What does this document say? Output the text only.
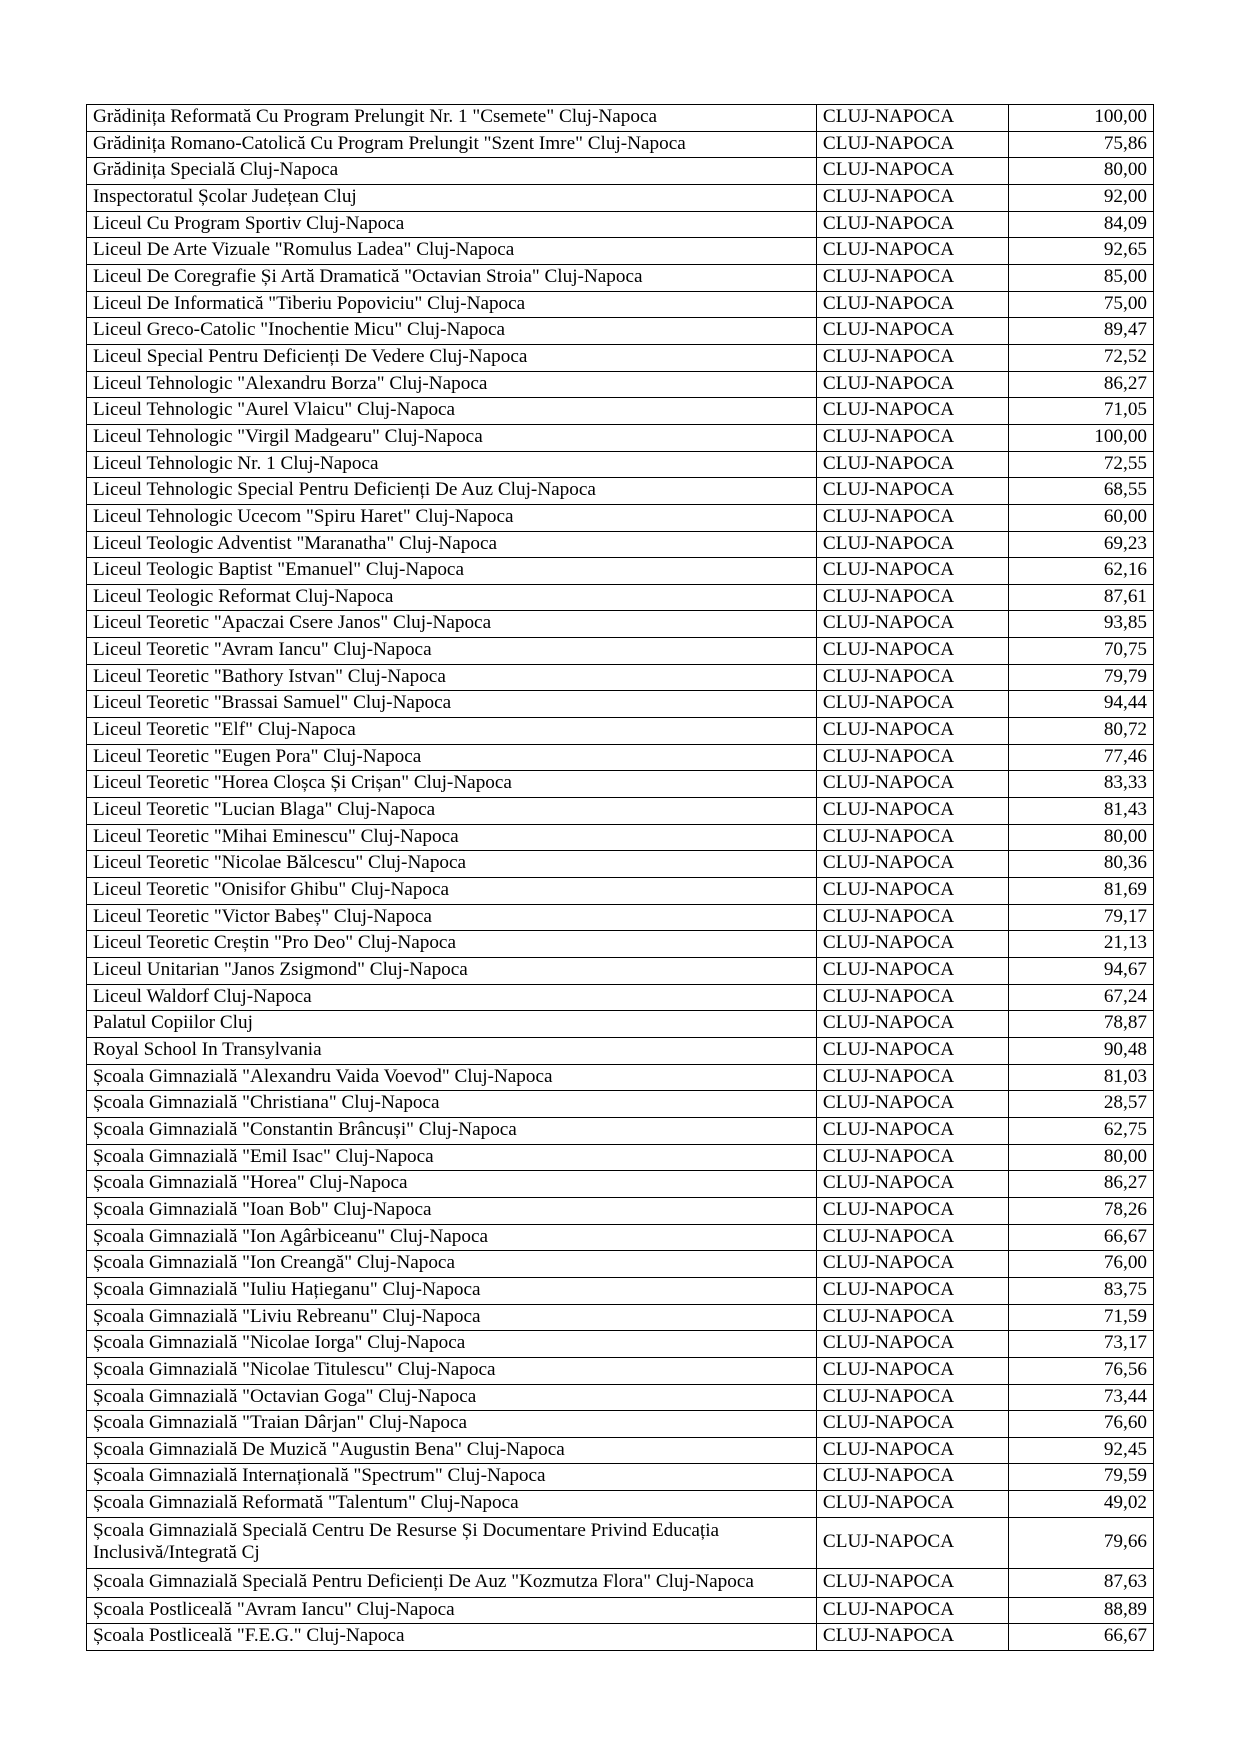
Grădinița Reformată Cu Program Prelungit Nr. 1 "Csemete" Cluj-Napoca	CLUJ-NAPOCA	100,00
Grădinița Romano-Catolică Cu Program Prelungit "Szent Imre" Cluj-Napoca	CLUJ-NAPOCA	75,86
Grădinița Specială Cluj-Napoca	CLUJ-NAPOCA	80,00
Inspectoratul Școlar Județean Cluj	CLUJ-NAPOCA	92,00
Liceul Cu Program Sportiv Cluj-Napoca	CLUJ-NAPOCA	84,09
Liceul De Arte Vizuale "Romulus Ladea" Cluj-Napoca	CLUJ-NAPOCA	92,65
Liceul De Coregrafie Și Artă Dramatică "Octavian Stroia" Cluj-Napoca	CLUJ-NAPOCA	85,00
Liceul De Informatică "Tiberiu Popoviciu" Cluj-Napoca	CLUJ-NAPOCA	75,00
Liceul Greco-Catolic "Inochentie Micu" Cluj-Napoca	CLUJ-NAPOCA	89,47
Liceul Special Pentru Deficienți De Vedere Cluj-Napoca	CLUJ-NAPOCA	72,52
Liceul Tehnologic "Alexandru Borza" Cluj-Napoca	CLUJ-NAPOCA	86,27
Liceul Tehnologic "Aurel Vlaicu" Cluj-Napoca	CLUJ-NAPOCA	71,05
Liceul Tehnologic "Virgil Madgearu" Cluj-Napoca	CLUJ-NAPOCA	100,00
Liceul Tehnologic Nr. 1 Cluj-Napoca	CLUJ-NAPOCA	72,55
Liceul Tehnologic Special Pentru Deficienți De Auz Cluj-Napoca	CLUJ-NAPOCA	68,55
Liceul Tehnologic Ucecom "Spiru Haret" Cluj-Napoca	CLUJ-NAPOCA	60,00
Liceul Teologic Adventist "Maranatha" Cluj-Napoca	CLUJ-NAPOCA	69,23
Liceul Teologic Baptist "Emanuel" Cluj-Napoca	CLUJ-NAPOCA	62,16
Liceul Teologic Reformat Cluj-Napoca	CLUJ-NAPOCA	87,61
Liceul Teoretic "Apaczai Csere Janos" Cluj-Napoca	CLUJ-NAPOCA	93,85
Liceul Teoretic "Avram Iancu" Cluj-Napoca	CLUJ-NAPOCA	70,75
Liceul Teoretic "Bathory Istvan" Cluj-Napoca	CLUJ-NAPOCA	79,79
Liceul Teoretic "Brassai Samuel" Cluj-Napoca	CLUJ-NAPOCA	94,44
Liceul Teoretic "Elf" Cluj-Napoca	CLUJ-NAPOCA	80,72
Liceul Teoretic "Eugen Pora" Cluj-Napoca	CLUJ-NAPOCA	77,46
Liceul Teoretic "Horea Cloșca Și Crișan" Cluj-Napoca	CLUJ-NAPOCA	83,33
Liceul Teoretic "Lucian Blaga" Cluj-Napoca	CLUJ-NAPOCA	81,43
Liceul Teoretic "Mihai Eminescu" Cluj-Napoca	CLUJ-NAPOCA	80,00
Liceul Teoretic "Nicolae Bălcescu" Cluj-Napoca	CLUJ-NAPOCA	80,36
Liceul Teoretic "Onisifor Ghibu" Cluj-Napoca	CLUJ-NAPOCA	81,69
Liceul Teoretic "Victor Babeș" Cluj-Napoca	CLUJ-NAPOCA	79,17
Liceul Teoretic Creștin "Pro Deo" Cluj-Napoca	CLUJ-NAPOCA	21,13
Liceul Unitarian "Janos Zsigmond" Cluj-Napoca	CLUJ-NAPOCA	94,67
Liceul Waldorf Cluj-Napoca	CLUJ-NAPOCA	67,24
Palatul Copiilor Cluj	CLUJ-NAPOCA	78,87
Royal School In Transylvania	CLUJ-NAPOCA	90,48
Școala Gimnazială "Alexandru Vaida Voevod" Cluj-Napoca	CLUJ-NAPOCA	81,03
Școala Gimnazială "Christiana" Cluj-Napoca	CLUJ-NAPOCA	28,57
Școala Gimnazială "Constantin Brâncuși" Cluj-Napoca	CLUJ-NAPOCA	62,75
Școala Gimnazială "Emil Isac" Cluj-Napoca	CLUJ-NAPOCA	80,00
Școala Gimnazială "Horea" Cluj-Napoca	CLUJ-NAPOCA	86,27
Școala Gimnazială "Ioan Bob" Cluj-Napoca	CLUJ-NAPOCA	78,26
Școala Gimnazială "Ion Agârbiceanu" Cluj-Napoca	CLUJ-NAPOCA	66,67
Școala Gimnazială "Ion Creangă" Cluj-Napoca	CLUJ-NAPOCA	76,00
Școala Gimnazială "Iuliu Hațieganu" Cluj-Napoca	CLUJ-NAPOCA	83,75
Școala Gimnazială "Liviu Rebreanu" Cluj-Napoca	CLUJ-NAPOCA	71,59
Școala Gimnazială "Nicolae Iorga" Cluj-Napoca	CLUJ-NAPOCA	73,17
Școala Gimnazială "Nicolae Titulescu" Cluj-Napoca	CLUJ-NAPOCA	76,56
Școala Gimnazială "Octavian Goga" Cluj-Napoca	CLUJ-NAPOCA	73,44
Școala Gimnazială "Traian Dârjan" Cluj-Napoca	CLUJ-NAPOCA	76,60
Școala Gimnazială De Muzică "Augustin Bena" Cluj-Napoca	CLUJ-NAPOCA	92,45
Școala Gimnazială Internațională "Spectrum" Cluj-Napoca	CLUJ-NAPOCA	79,59
Școala Gimnazială Reformată "Talentum" Cluj-Napoca	CLUJ-NAPOCA	49,02
Școala Gimnazială Specială Centru De Resurse Și Documentare Privind Educația Inclusivă/Integrată Cj	CLUJ-NAPOCA	79,66
Școala Gimnazială Specială Pentru Deficienți De Auz "Kozmutza Flora" Cluj-Napoca	CLUJ-NAPOCA	87,63
Școala Postliceală "Avram Iancu" Cluj-Napoca	CLUJ-NAPOCA	88,89
Școala Postliceală "F.E.G." Cluj-Napoca	CLUJ-NAPOCA	66,67
